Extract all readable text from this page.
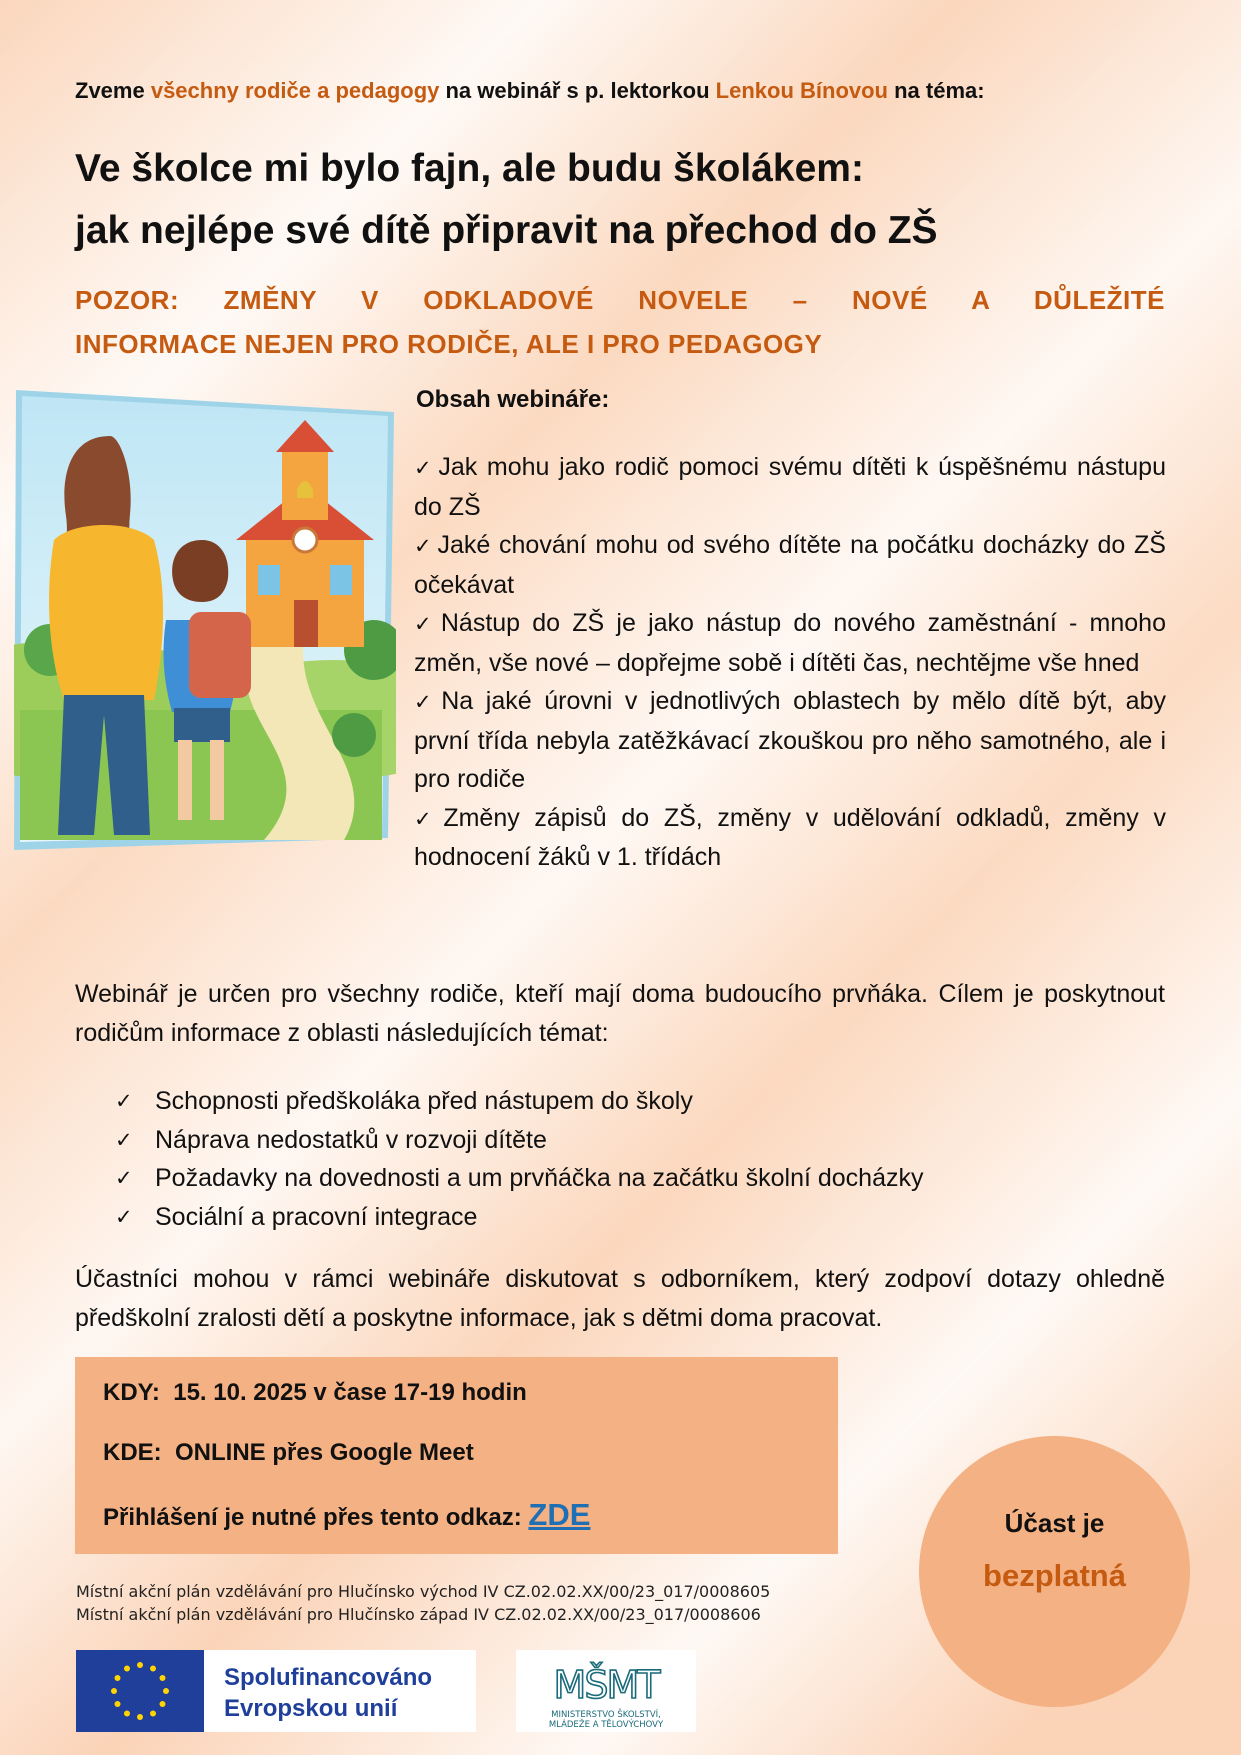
Zveme všechny rodiče a pedagogy na webinář s p. lektorkou Lenkou Bínovou na téma:
Ve školce mi bylo fajn, ale budu školákem:
jak nejlépe své dítě připravit na přechod do ZŠ
POZOR: ZMĚNY V ODKLADOVÉ NOVELE – NOVÉ A DŮLEŽITÉ
INFORMACE NEJEN PRO RODIČE, ALE I PRO PEDAGOGY
Obsah webináře:
✓ Jak mohu jako rodič pomoci svému dítěti k úspěšnému nástupu do ZŠ
✓ Jaké chování mohu od svého dítěte na počátku docházky do ZŠ očekávat
✓ Nástup do ZŠ je jako nástup do nového zaměstnání - mnoho změn, vše nové – dopřejme sobě i dítěti čas, nechtějme vše hned
✓ Na jaké úrovni v jednotlivých oblastech by mělo dítě být, aby první třída nebyla zatěžkávací zkouškou pro něho samotného, ale i pro rodiče
✓ Změny zápisů do ZŠ, změny v udělování odkladů, změny v hodnocení žáků v 1. třídách
Webinář je určen pro všechny rodiče, kteří mají doma budoucího prvňáka. Cílem je poskytnout rodičům informace z oblasti následujících témat:
✓ Schopnosti předškoláka před nástupem do školy
✓ Náprava nedostatků v rozvoji dítěte
✓ Požadavky na dovednosti a um prvňáčka na začátku školní docházky
✓ Sociální a pracovní integrace
Účastníci mohou v rámci webináře diskutovat s odborníkem, který zodpoví dotazy ohledně předškolní zralosti dětí a poskytne informace, jak s dětmi doma pracovat.
KDY: 15. 10. 2025 v čase 17-19 hodin
KDE: ONLINE přes Google Meet
Přihlášení je nutné přes tento odkaz: ZDE	Účast je
bezplatná
Místní akční plán vzdělávání pro Hlučínsko východ IV CZ.02.02.XX/00/23_017/0008605
Místní akční plán vzdělávání pro Hlučínsko západ IV CZ.02.02.XX/00/23_017/0008606
Spolufinancováno
Evropskou unií
MŠMT
MINISTERSTVO ŠKOLSTVÍ,
MLÁDEŽE A TĚLOVÝCHOVY
